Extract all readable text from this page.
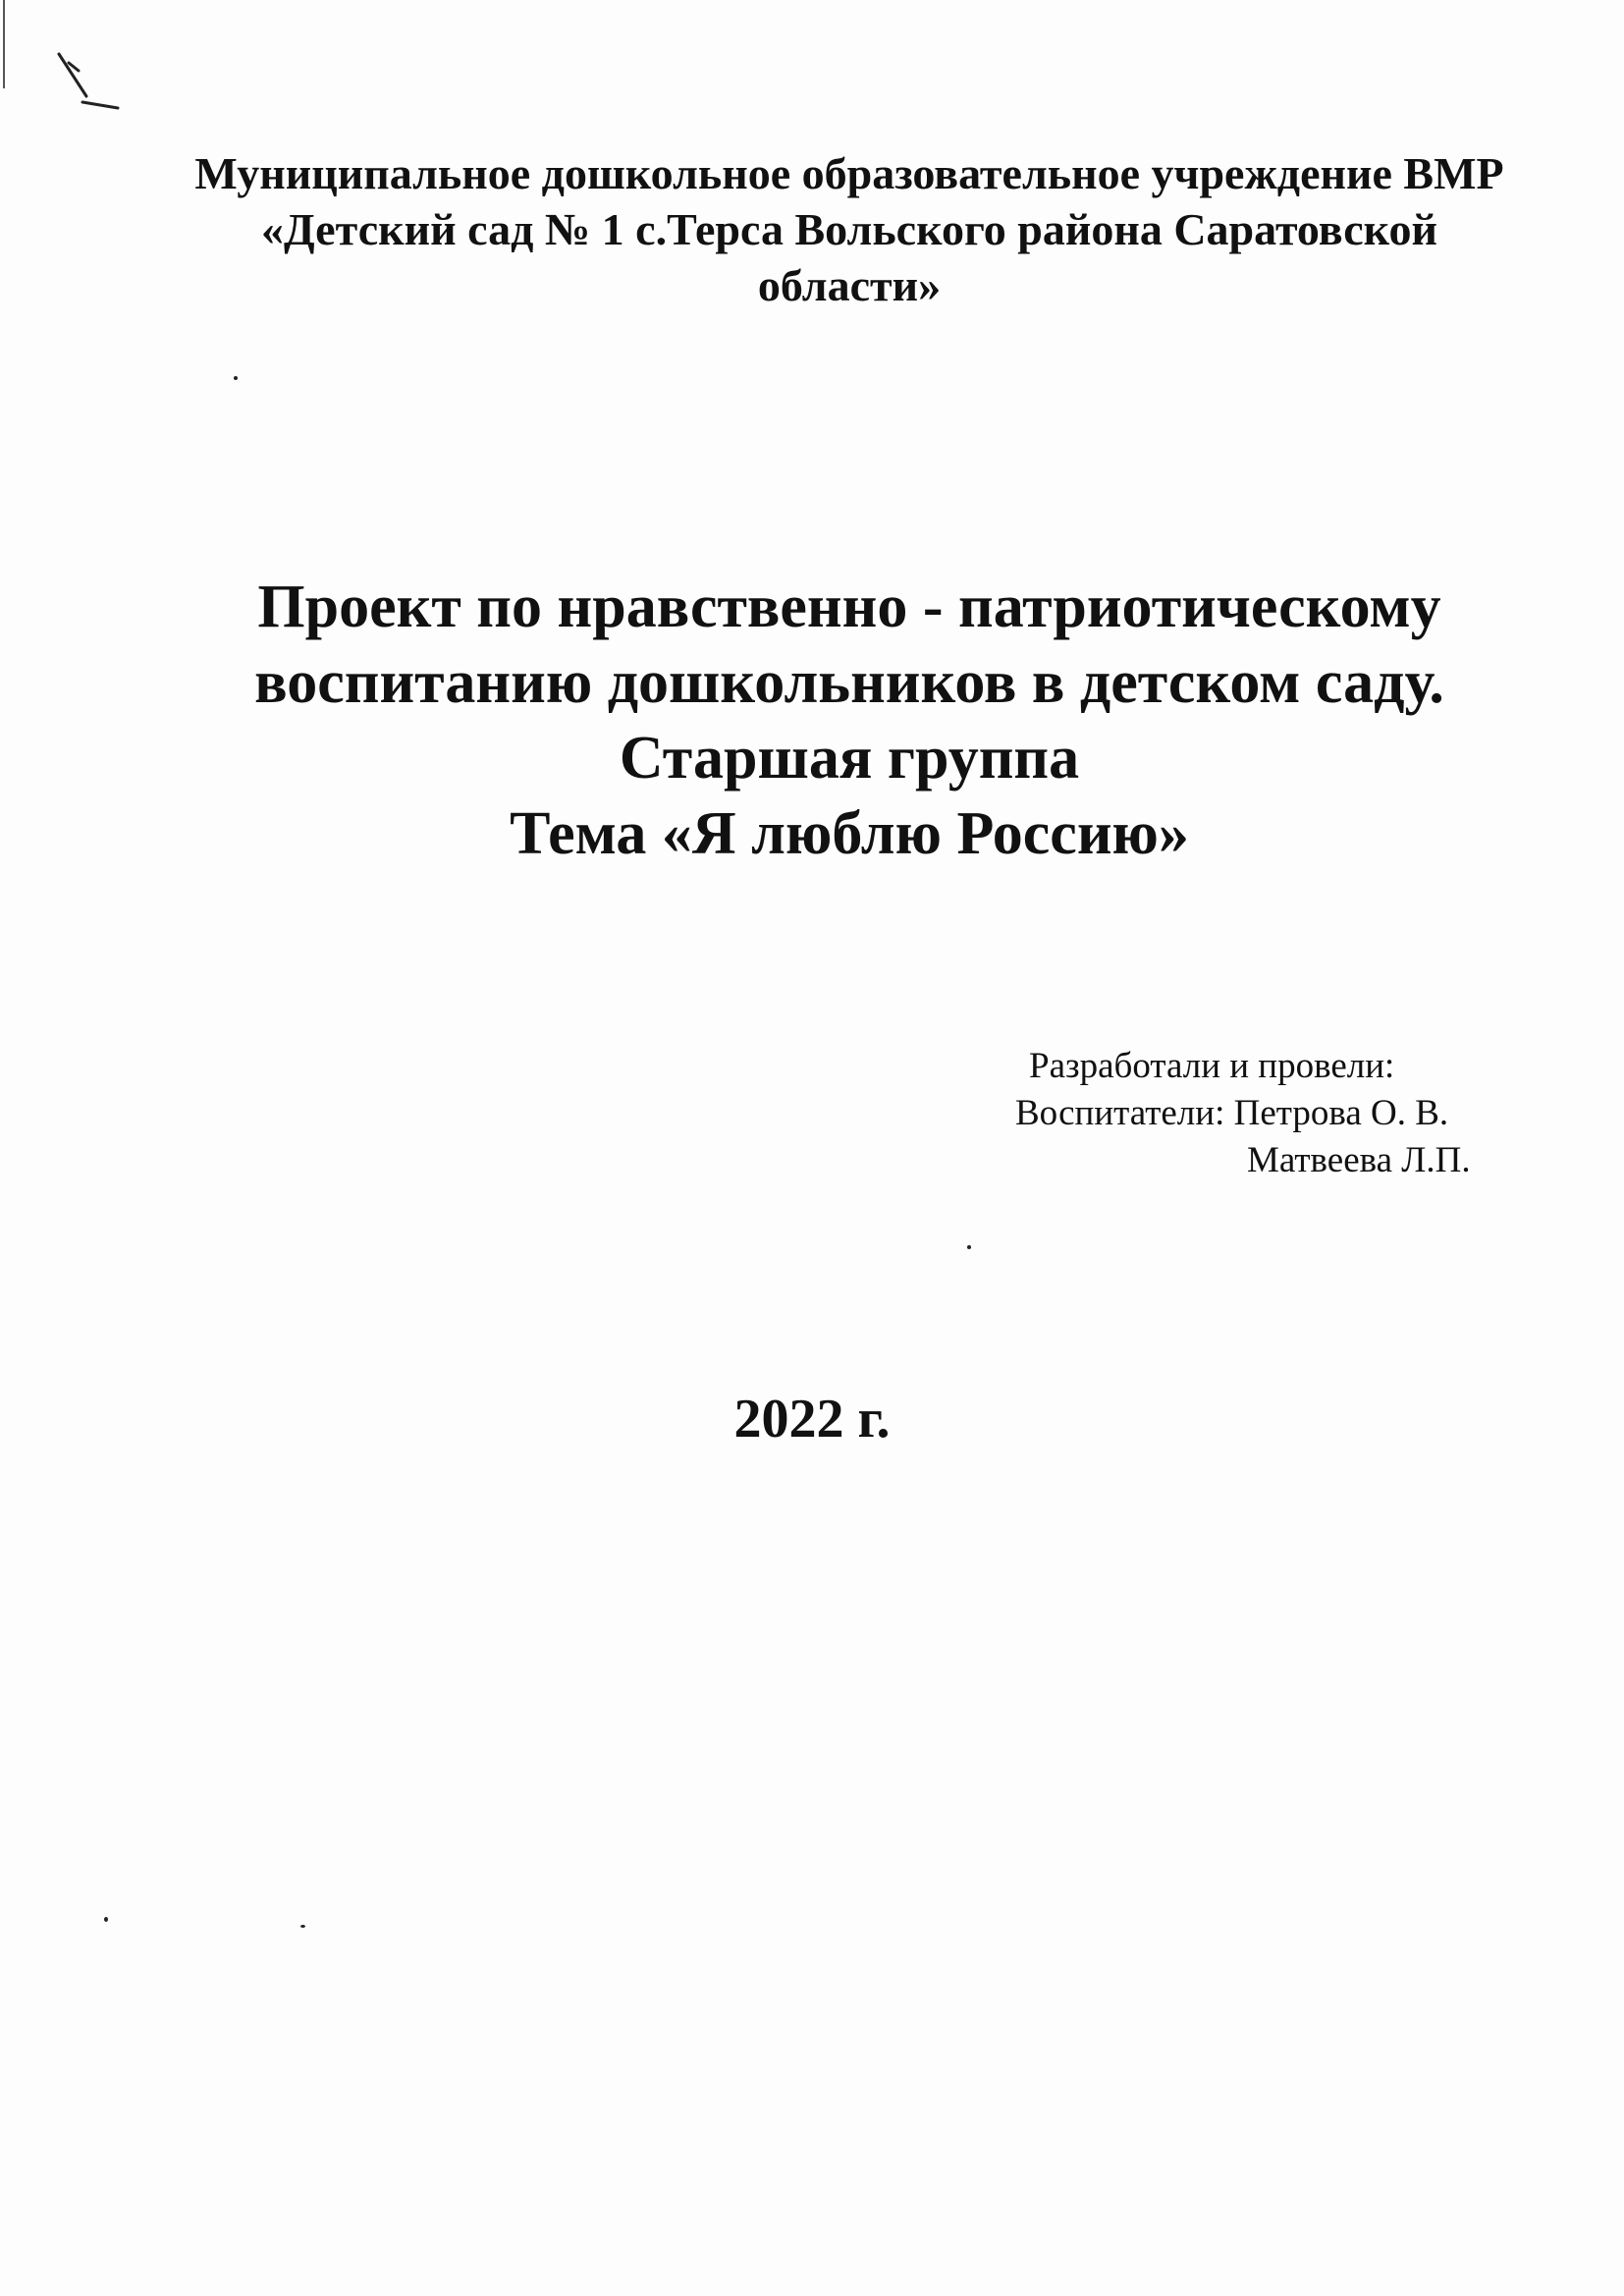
Муниципальное дошкольное образовательное учреждение ВМР
«Детский сад № 1 с.Терса Вольского района Саратовской
области»
Проект по нравственно - патриотическому
воспитанию дошкольников в детском саду.
Старшая группа
Тема «Я люблю Россию»
Разработали и провели:
Воспитатели: Петрова О. В.
Матвеева Л.П.
2022 г.
